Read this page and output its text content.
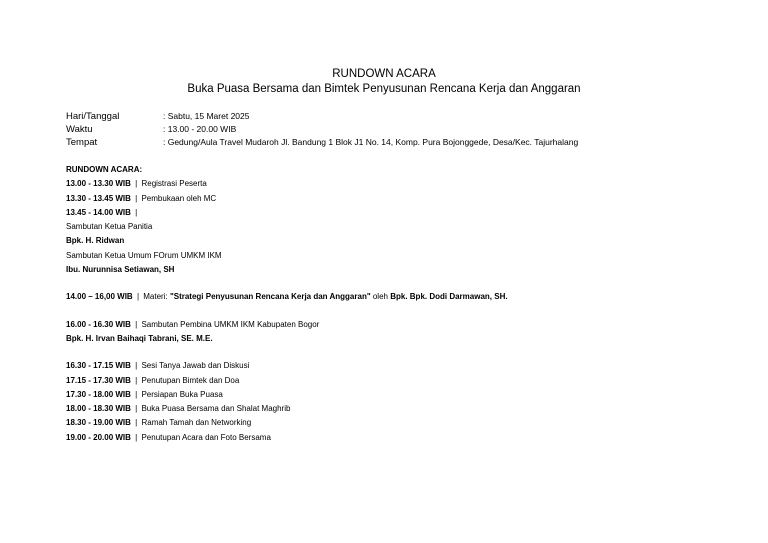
RUNDOWN ACARA
Buka Puasa Bersama dan Bimtek Penyusunan Rencana Kerja dan Anggaran
Hari/Tanggal	: Sabtu, 15 Maret 2025
Waktu	: 13.00 - 20.00 WIB
Tempat	: Gedung/Aula Travel Mudaroh Jl. Bandung 1 Blok J1 No. 14, Komp. Pura Bojonggede, Desa/Kec. Tajurhalang
RUNDOWN ACARA:
13.00 - 13.30 WIB | Registrasi Peserta
13.30 - 13.45 WIB | Pembukaan oleh MC
13.45 - 14.00 WIB |
Sambutan Ketua Panitia
Bpk. H. Ridwan
Sambutan Ketua Umum FOrum UMKM IKM
Ibu. Nurunnisa Setiawan, SH
14.00 – 16,00 WIB | Materi: "Strategi Penyusunan Rencana Kerja dan Anggaran" oleh Bpk. Bpk. Dodi Darmawan, SH.
16.00 - 16.30 WIB | Sambutan Pembina UMKM IKM Kabupaten Bogor
Bpk. H. Irvan Baihaqi Tabrani, SE. M.E.
16.30 - 17.15 WIB | Sesi Tanya Jawab dan Diskusi
17.15 - 17.30 WIB | Penutupan Bimtek dan Doa
17.30 - 18.00 WIB | Persiapan Buka Puasa
18.00 - 18.30 WIB | Buka Puasa Bersama dan Shalat Maghrib
18.30 - 19.00 WIB | Ramah Tamah dan Networking
19.00 - 20.00 WIB | Penutupan Acara dan Foto Bersama
